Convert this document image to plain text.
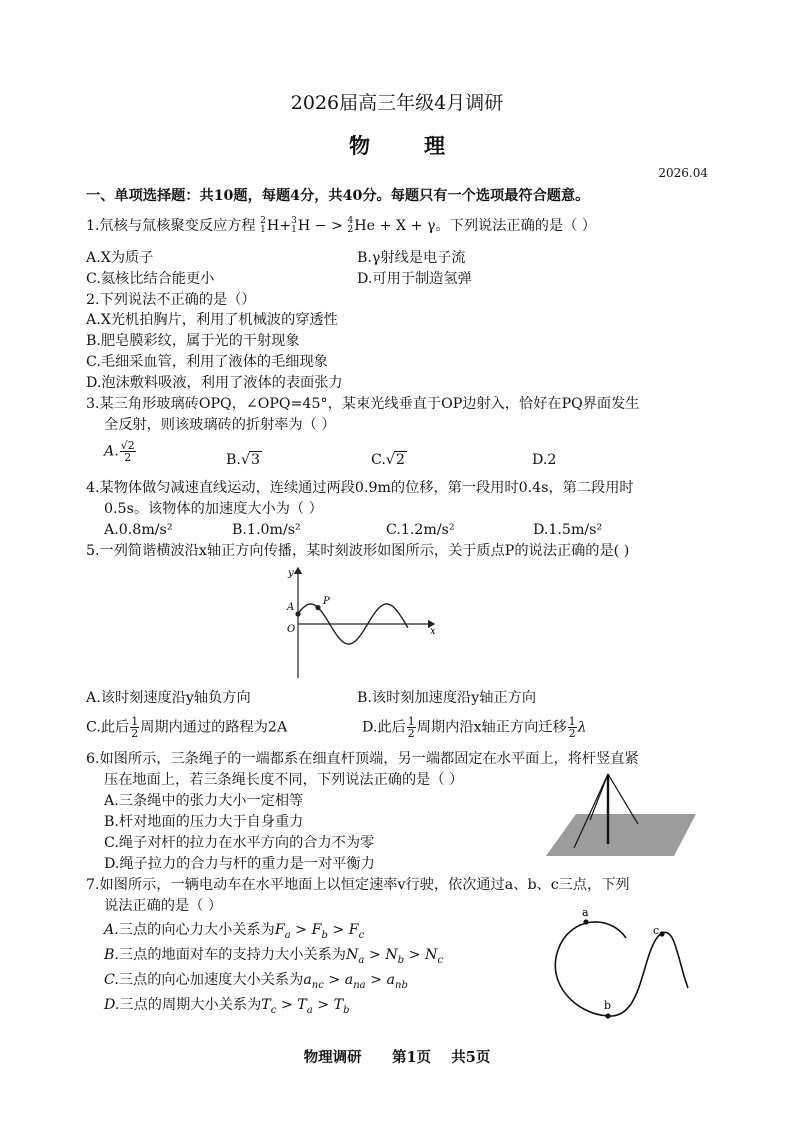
2026届高三年级4月调研
物理
2026.04
一、单项选择题：共10题，每题4分，共40分。每题只有一个选项最符合题意。
1.氘核与氚核聚变反应方程 2
1 H+ 3
1 H − > 4
2 He + X + γ。下列说法正确的是（ ）
A.X为质子	B.γ射线是电子流
C.氦核比结合能更小	D.可用于制造氢弹
2.下列说法不正确的是（）
A.X光机拍胸片，利用了机械波的穿透性
B.肥皂膜彩纹，属于光的干射现象
C.毛细采血管，利用了液体的毛细现象
D.泡沫敷料吸液，利用了液体的表面张力
3.某三角形玻璃砖OPQ，∠OPQ=45°，某束光线垂直于OP边射入，恰好在PQ界面发生
全反射，则该玻璃砖的折射率为（ ）
A. $\frac{√2}{2}$	B.√3	C.√2	D.2
4.某物体做匀减速直线运动，连续通过两段0.9m的位移，第一段用时0.4s，第二段用时
0.5s。该物体的加速度大小为（ ）
A.0.8m/s²	B.1.0m/s²	C.1.2m/s²	D.1.5m/s²
5.一列简谐横波沿x轴正方向传播，某时刻波形如图所示，关于质点P的说法正确的是( )
y
x
A
O
P
A.该时刻速度沿y轴负方向	B.该时刻加速度沿y轴正方向
C.此后 $\frac{1}{2}$ 周期内通过的路程为2A	D.此后 $\frac{1}{2}$ 周期内沿x轴正方向迁移 $\frac{1}{2}$ λ
6.如图所示，三条绳子的一端都系在细直杆顶端，另一端都固定在水平面上，将杆竖直紧
压在地面上，若三条绳长度不同，下列说法正确的是（ ）
A.三条绳中的张力大小一定相等
B.杆对地面的压力大于自身重力
C.绳子对杆的拉力在水平方向的合力不为零
D.绳子拉力的合力与杆的重力是一对平衡力
7.如图所示，一辆电动车在水平地面上以恒定速率v行驶，依次通过a、b、c三点，下列
说法正确的是（ ）
A.三点的向心力大小关系为$F_a > F_b > F_c$
B.三点的地面对车的支持力大小关系为$N_a > N_b > N_c$
C.三点的向心加速度大小关系为$a_{nc} > a_{na} > a_{nb}$
D.三点的周期大小关系为$T_c > T_a > T_b$
a
b
c
物理调研      第1页    共5页
